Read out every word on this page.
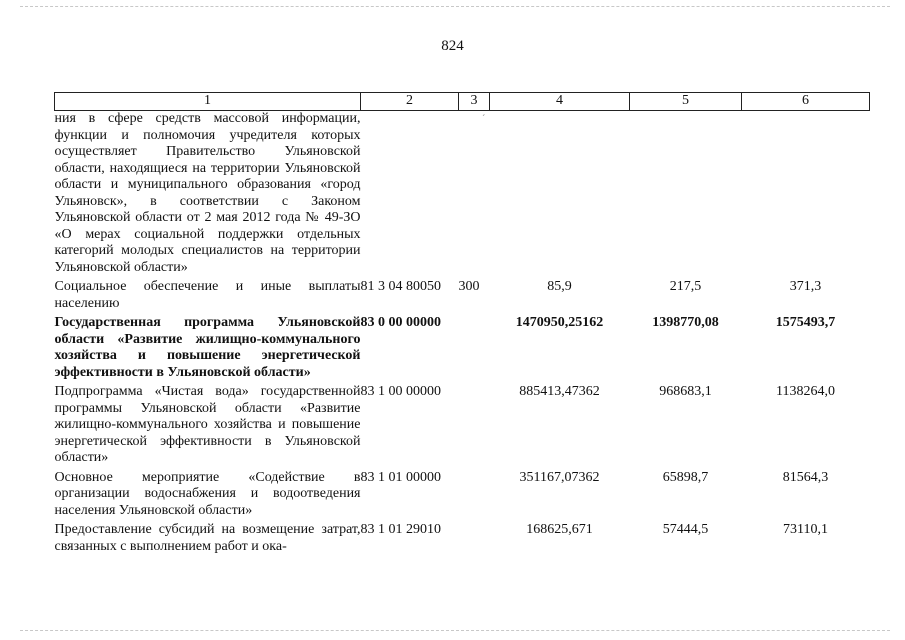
824
ˊ
1	2	3	4	5	6
ния в сфере средств массовой информации, функции и полномочия учредителя которых осуществляет Правительство Ульяновской области, находящиеся на территории Ульяновской области и муниципального образования «город Ульяновск», в соответствии с Законом Ульяновской области от 2 мая 2012 года № 49-ЗО «О мерах социальной поддержки отдельных категорий молодых специалистов на территории Ульяновской области»					
Социальное обеспечение и иные выплаты населению	81 3 04 80050	300	85,9	217,5	371,3
Государственная программа Ульяновской области «Развитие жилищно-коммунального хозяйства и повышение энергетической эффективности в Ульяновской области»	83 0 00 00000		1470950,25162	1398770,08	1575493,7
Подпрограмма «Чистая вода» государственной программы Ульяновской области «Развитие жилищно-коммунального хозяйства и повышение энергетической эффективности в Ульяновской области»	83 1 00 00000		885413,47362	968683,1	1138264,0
Основное мероприятие «Содействие в организации водоснабжения и водоотведения населения Ульяновской области»	83 1 01 00000		351167,07362	65898,7	81564,3
Предоставление субсидий на возмещение затрат, связанных с выполнением работ и ока-	83 1 01 29010		168625,671	57444,5	73110,1
